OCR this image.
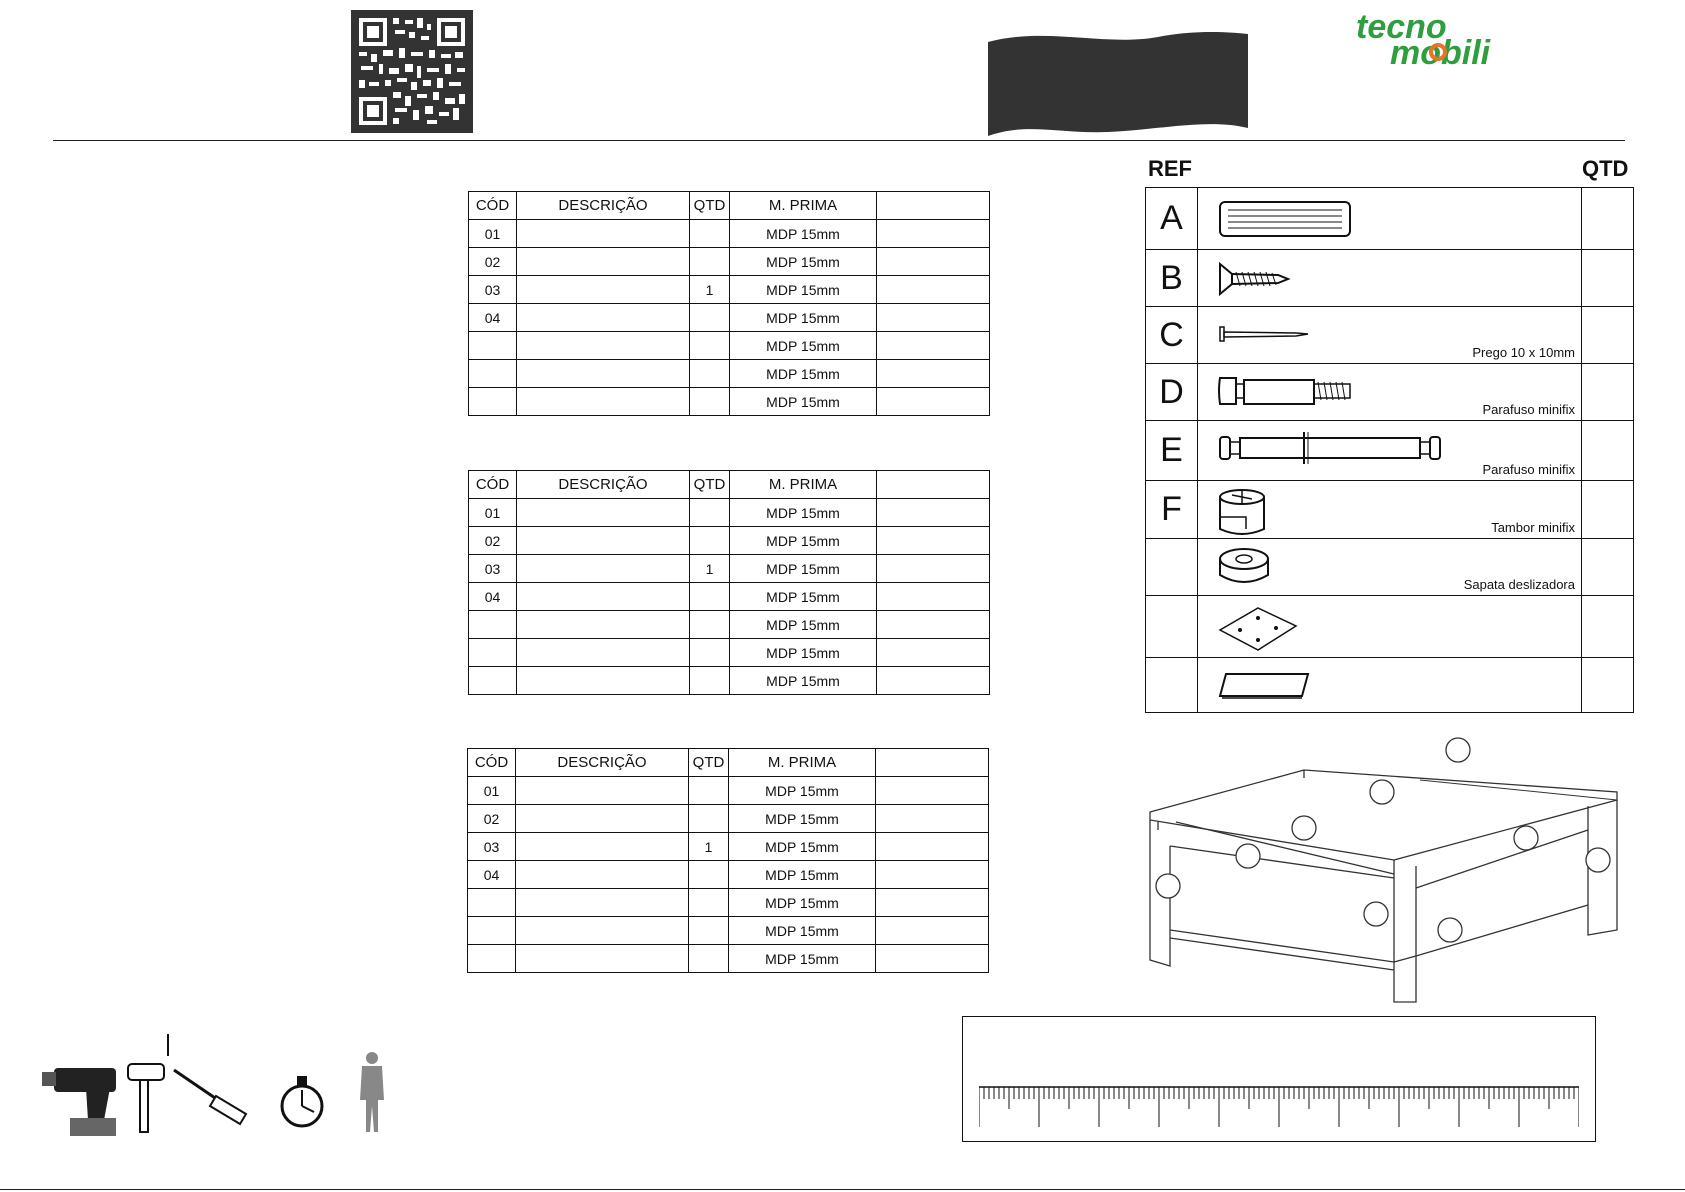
tecno
mobili
CÓD	DESCRIÇÃO	QTD	M. PRIMA	
01			MDP 15mm	
02			MDP 15mm	
03		1	MDP 15mm	
04			MDP 15mm	
			MDP 15mm	
			MDP 15mm	
			MDP 15mm	
CÓD	DESCRIÇÃO	QTD	M. PRIMA	
01			MDP 15mm	
02			MDP 15mm	
03		1	MDP 15mm	
04			MDP 15mm	
			MDP 15mm	
			MDP 15mm	
			MDP 15mm	
CÓD	DESCRIÇÃO	QTD	M. PRIMA	
01			MDP 15mm	
02			MDP 15mm	
03		1	MDP 15mm	
04			MDP 15mm	
			MDP 15mm	
			MDP 15mm	
			MDP 15mm	
REF	QTD
A	

B	

C	Prego 10 x 10mm	

D	Parafuso minifix	

E	Parafuso minifix	

F	Tambor minifix	

	Sapata deslizadora	
